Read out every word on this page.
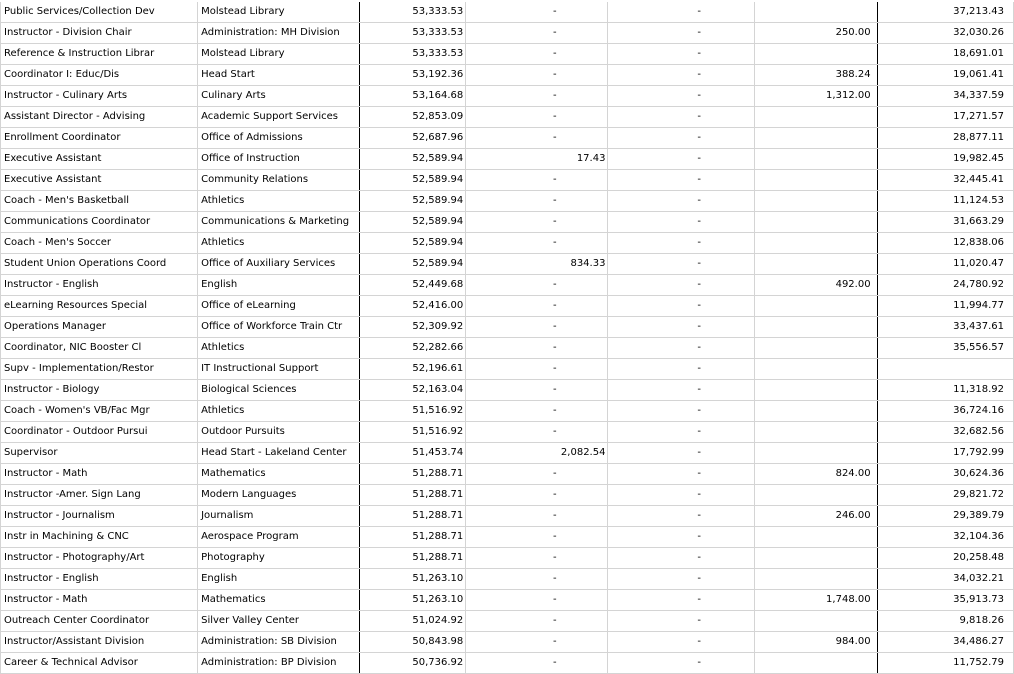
Public Services/Collection Dev	Molstead Library	53,333.53	-	-		37,213.43
Instructor - Division Chair	Administration: MH Division	53,333.53	-	-	250.00	32,030.26
Reference & Instruction Librar	Molstead Library	53,333.53	-	-		18,691.01
Coordinator I: Educ/Dis	Head Start	53,192.36	-	-	388.24	19,061.41
Instructor - Culinary Arts	Culinary Arts	53,164.68	-	-	1,312.00	34,337.59
Assistant Director - Advising	Academic Support Services	52,853.09	-	-		17,271.57
Enrollment Coordinator	Office of Admissions	52,687.96	-	-		28,877.11
Executive Assistant	Office of Instruction	52,589.94	17.43	-		19,982.45
Executive Assistant	Community Relations	52,589.94	-	-		32,445.41
Coach - Men's Basketball	Athletics	52,589.94	-	-		11,124.53
Communications Coordinator	Communications & Marketing	52,589.94	-	-		31,663.29
Coach - Men's Soccer	Athletics	52,589.94	-	-		12,838.06
Student Union Operations Coord	Office of Auxiliary Services	52,589.94	834.33	-		11,020.47
Instructor - English	English	52,449.68	-	-	492.00	24,780.92
eLearning Resources Special	Office of eLearning	52,416.00	-	-		11,994.77
Operations Manager	Office of Workforce Train Ctr	52,309.92	-	-		33,437.61
Coordinator, NIC Booster Cl	Athletics	52,282.66	-	-		35,556.57
Supv - Implementation/Restor	IT Instructional Support	52,196.61	-	-		
Instructor - Biology	Biological Sciences	52,163.04	-	-		11,318.92
Coach - Women's VB/Fac Mgr	Athletics	51,516.92	-	-		36,724.16
Coordinator - Outdoor Pursui	Outdoor Pursuits	51,516.92	-	-		32,682.56
Supervisor	Head Start - Lakeland Center	51,453.74	2,082.54	-		17,792.99
Instructor - Math	Mathematics	51,288.71	-	-	824.00	30,624.36
Instructor -Amer. Sign Lang	Modern Languages	51,288.71	-	-		29,821.72
Instructor - Journalism	Journalism	51,288.71	-	-	246.00	29,389.79
Instr in Machining & CNC	Aerospace Program	51,288.71	-	-		32,104.36
Instructor - Photography/Art	Photography	51,288.71	-	-		20,258.48
Instructor - English	English	51,263.10	-	-		34,032.21
Instructor - Math	Mathematics	51,263.10	-	-	1,748.00	35,913.73
Outreach Center Coordinator	Silver Valley Center	51,024.92	-	-		9,818.26
Instructor/Assistant Division	Administration: SB Division	50,843.98	-	-	984.00	34,486.27
Career & Technical Advisor	Administration: BP Division	50,736.92	-	-		11,752.79
